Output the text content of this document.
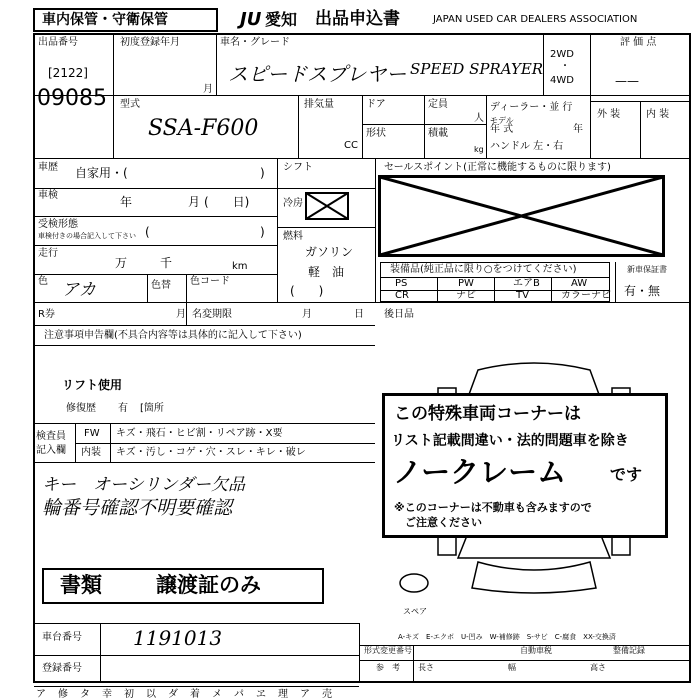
車内保管・守衛保管	JU 愛知 出品申込書	JAPAN USED CAR DEALERS ASSOCIATION
出品番号
[2122]
09085
初度登録年月
月
車名・グレード
スピードスプレヤー SPEED SPRAYER
2WD
・
4WD
評 価 点
——
型式
SSA-F600
排気量
CC
ドア	定員
人
形状	積載
kg
ディーラー・並 行
モデル
年 式	年
ハンドル 左・右
外 装	内 装
車歴 自家用・(	)
車検	年	月 (　　日)
受検形態
車検付きの場合記入して下さい (	)
走行
万	千	km
色 アカ	色替 色コード
シフト
冷房
燃料
ガソリン
軽　油
(　　)
セールスポイント(正常に機能するものに限ります)
装備品(純正品に限り○をつけてください)
PS	PW	エアB	AW
CR	ナビ	TV	カラーナビ
新車保証書
有・無
R券	月 名変期限	月	日 後日品
注意事項申告欄(不具合内容等は具体的に記入して下さい)
リフト使用
修復歴 有 [箇所
検査員
記入欄
FW キズ・飛石・ヒビ割・リペア跡・X要
内装 キズ・汚し・コゲ・穴・スレ・キレ・破レ
キー　オーシリンダー欠品
輪番号確認不明要確認
書類	譲渡証のみ
この特殊車両コーナーは
リスト記載間違い・法的問題車を除き
ノークレーム	です
※このコーナーは不動車も含みますので
ご注意ください
スペア
A-キズ　E-エクボ　U-凹み　W-補修跡　S-サビ　C-腐食　XX-交換済
車台番号	1191013
登録番号
形式変更番号
参　考 長さ	幅	高さ
自動車税	整備記録
ア 修 タ 幸 初 以 ダ 着 メ パ ヱ 理 ア 売
